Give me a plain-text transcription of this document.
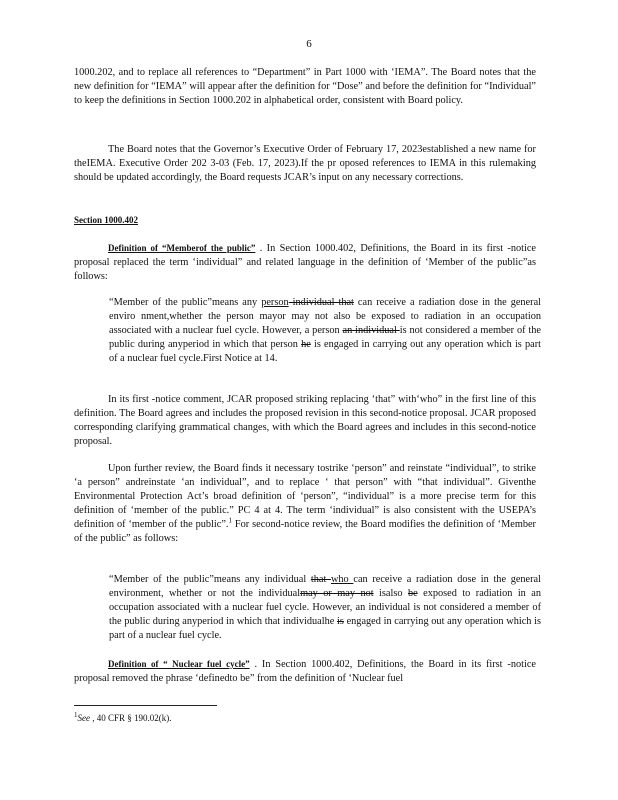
6

1000.202, and to replace all references to “Department” in Part 1000 with ‘IEMA”. The Board notes that the new definition for “IEMA” will appear after the definition for “Dose” and before the definition for “Individual” to keep the definitions in Section 1000.202 in alphabetical order, consistent with Board policy.

The Board notes that the Governor’s Executive Order of February 17, 2023established a new name for theIEMA. Executive Order 202 3-03 (Feb. 17, 2023).If the pr oposed references to IEMA in this rulemaking should be updated accordingly, the Board requests JCAR’s input on any necessary corrections.

Section 1000.402

Definition of “Memberof the public” . In Section 1000.402, Definitions, the Board in its first -notice proposal replaced the term ‘individual” and related language in the definition of ‘Member of the public”as follows:

“Member of the public”means any person individual that can receive a radiation dose in the general enviro nment,whether the person mayor may not also be exposed to radiation in an occupation associated with a nuclear fuel cycle. However, a person an individual is not considered a member of the public during anyperiod in which that person he is engaged in carrying out any operation which is part of a nuclear fuel cycle.First Notice at 14.

In its first -notice comment, JCAR proposed striking replacing ‘that” with‘who” in the first line of this definition. The Board agrees and includes the proposed revision in this second-notice proposal. JCAR proposed corresponding clarifying grammatical changes, with which the Board agrees and includes in this second-notice proposal.

Upon further review, the Board finds it necessary tostrike ‘person” and reinstate “individual”, to strike ‘a person” andreinstate ‘an individual”, and to replace ‘ that person” with “that individual”. Giventhe Environmental Protection Act’s broad definition of ‘person”, “individual” is a more precise term for this definition of ‘member of the public.” PC 4 at 4. The term ‘individual” is also consistent with the USEPA’s definition of ‘member of the public”.$^1$ For second-notice review, the Board modifies the definition of ‘Member of the public” as follows:

“Member of the public”means any individual that who can receive a radiation dose in the general environment, whether or not the individualmay or may not isalso be exposed to radiation in an occupation associated with a nuclear fuel cycle. However, an individual is not considered a member of the public during anyperiod in which that individualhe is engaged in carrying out any operation which is part of a nuclear fuel cycle.

Definition of “ Nuclear fuel cycle” . In Section 1000.402, Definitions, the Board in its first -notice proposal removed the phrase ‘definedto be” from the definition of ‘Nuclear fuel

$^1$See , 40 CFR § 190.02(k).
